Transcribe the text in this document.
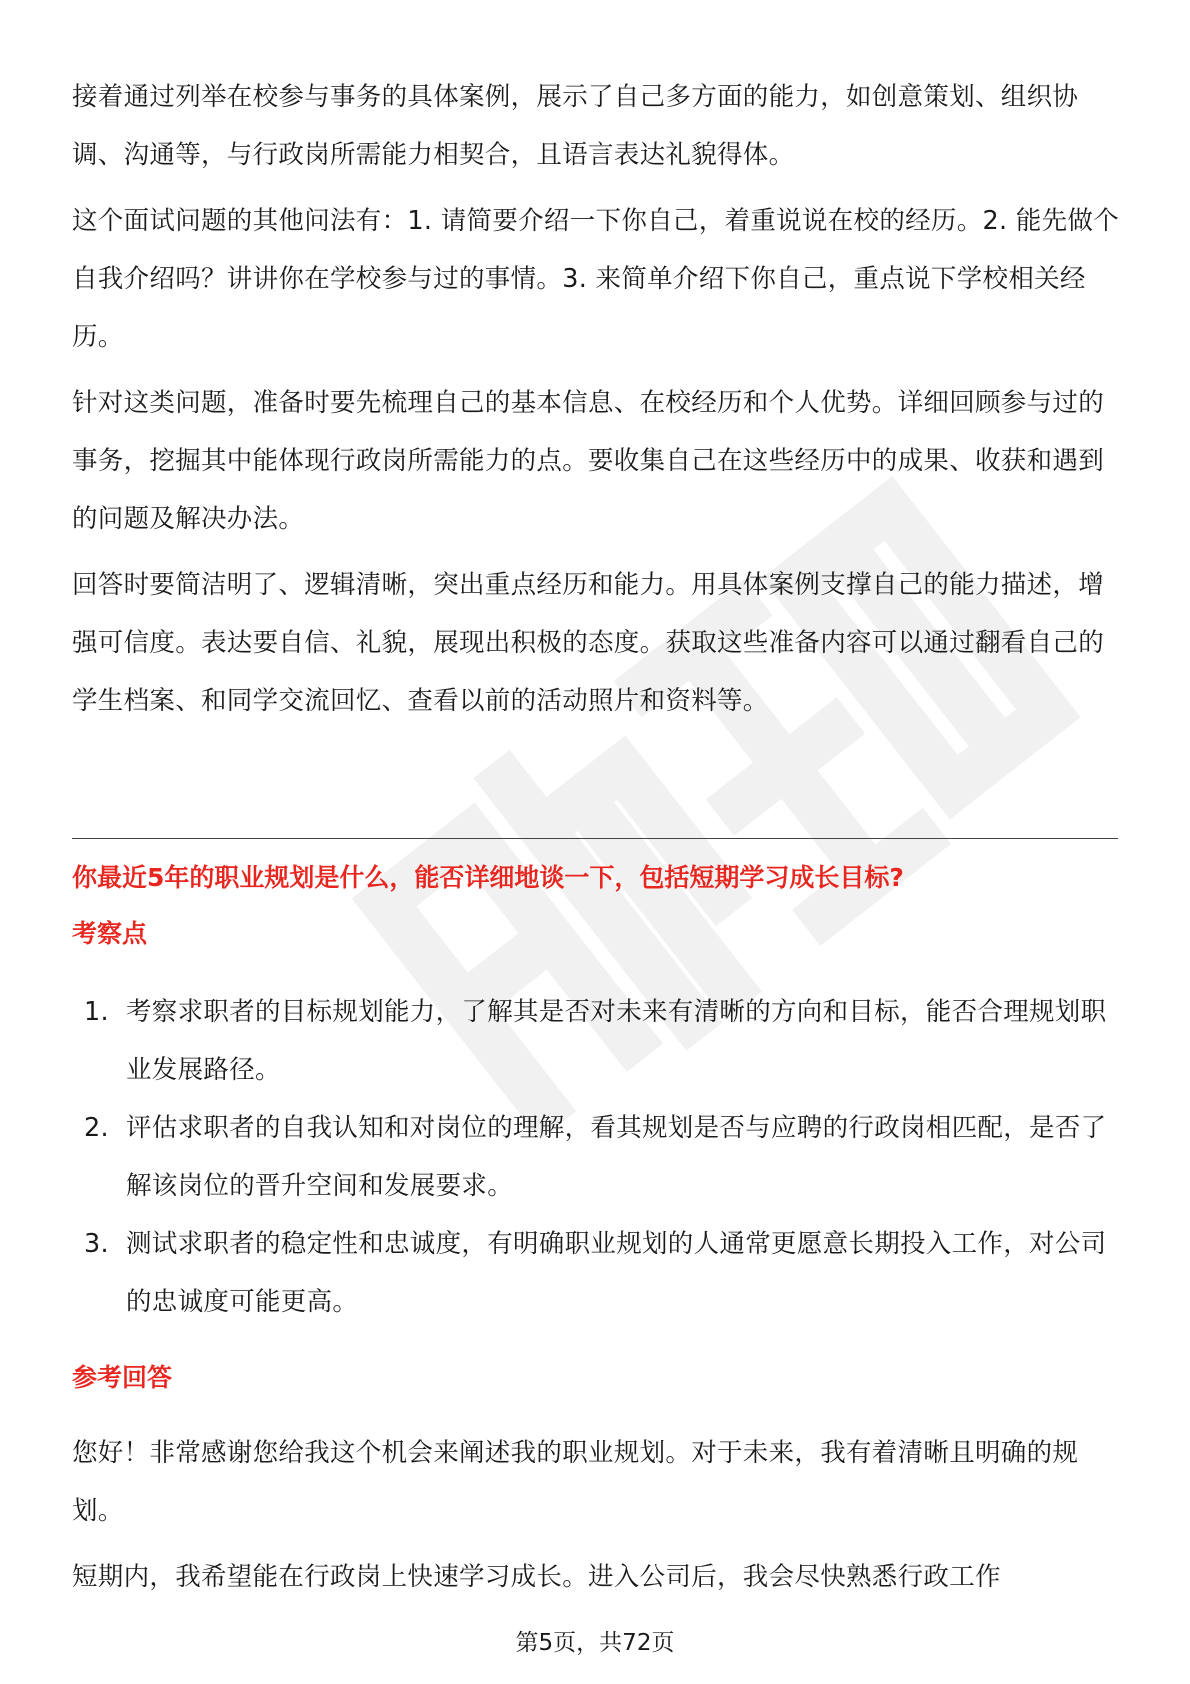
接着通过列举在校参与事务的具体案例，展示了自己多方面的能力，如创意策划、组织协调、沟通等，与行政岗所需能力相契合，且语言表达礼貌得体。

这个面试问题的其他问法有：1. 请简要介绍一下你自己，着重说说在校的经历。2. 能先做个自我介绍吗？讲讲你在学校参与过的事情。3. 来简单介绍下你自己，重点说下学校相关经历。

针对这类问题，准备时要先梳理自己的基本信息、在校经历和个人优势。详细回顾参与过的事务，挖掘其中能体现行政岗所需能力的点。要收集自己在这些经历中的成果、收获和遇到的问题及解决办法。

回答时要简洁明了、逻辑清晰，突出重点经历和能力。用具体案例支撑自己的能力描述，增强可信度。表达要自信、礼貌，展现出积极的态度。获取这些准备内容可以通过翻看自己的学生档案、和同学交流回忆、查看以前的活动照片和资料等。

你最近5年的职业规划是什么，能否详细地谈一下，包括短期学习成长目标?

考察点

1. 考察求职者的目标规划能力，了解其是否对未来有清晰的方向和目标，能否合理规划职业发展路径。
2. 评估求职者的自我认知和对岗位的理解，看其规划是否与应聘的行政岗相匹配，是否了解该岗位的晋升空间和发展要求。
3. 测试求职者的稳定性和忠诚度，有明确职业规划的人通常更愿意长期投入工作，对公司的忠诚度可能更高。

参考回答

您好！非常感谢您给我这个机会来阐述我的职业规划。对于未来，我有着清晰且明确的规划。

短期内，我希望能在行政岗上快速学习成长。进入公司后，我会尽快熟悉行政工作

第5页，共72页
